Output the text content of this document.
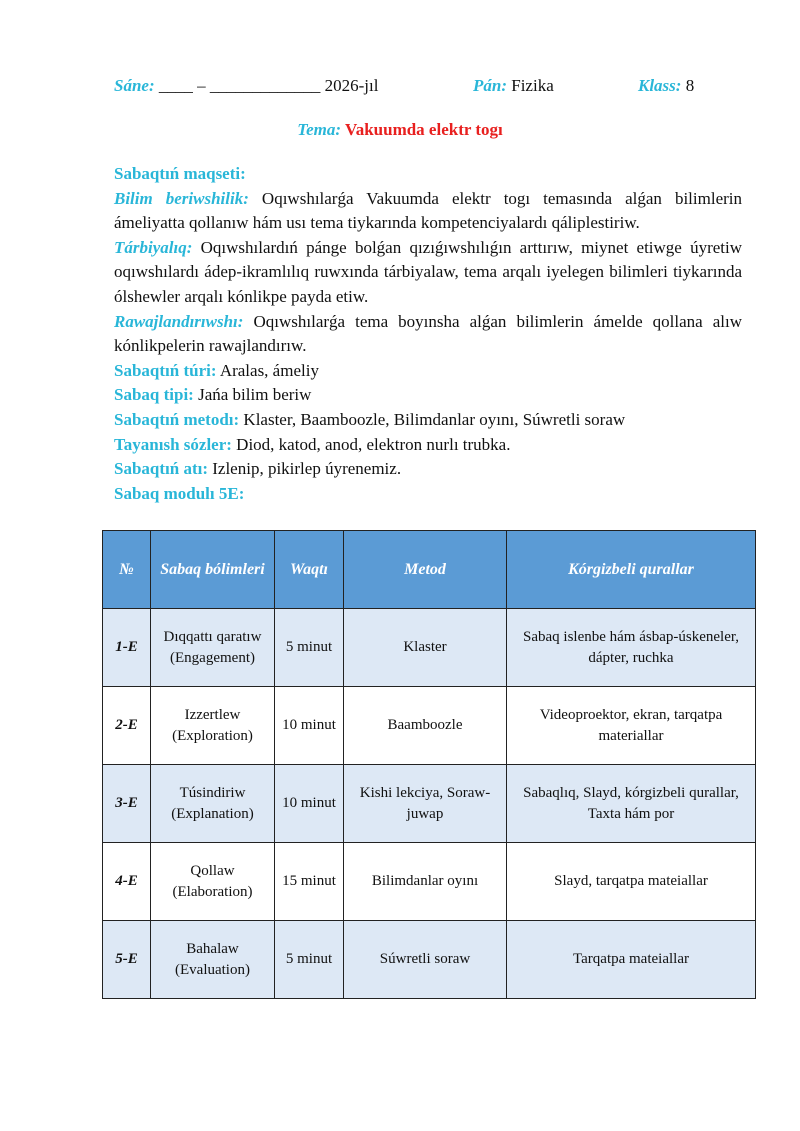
Sáne: ____ – _____________ 2026-jıl	Pán: Fizika	Klass: 8
Tema: Vakuumda elektr togı

Sabaqtıń maqseti:

Bilim beriwshilik: Oqıwshılarǵa Vakuumda elektr togı temasında alǵan bilimlerin ámeliyatta qollanıw hám usı tema tiykarında kompetenciyalardı qáliplestiriw.

Tárbiyalıq: Oqıwshılardıń pánge bolǵan qızıǵıwshılıǵın arttırıw, miynet etiwge úyretiw oqıwshılardı ádep-ikramlılıq ruwxında tárbiyalaw, tema arqalı iyelegen bilimleri tiykarında ólshewler arqalı kónlikpe payda etiw.

Rawajlandırıwshı: Oqıwshılarǵa tema boyınsha alǵan bilimlerin ámelde qollana alıw kónlikpelerin rawajlandırıw.

Sabaqtıń túri: Aralas, ámeliy

Sabaq tipi: Jańa bilim beriw

Sabaqtıń metodı: Klaster, Baamboozle, Bilimdanlar oyını, Súwretli soraw

Tayanısh sózler: Diod, katod, anod, elektron nurlı trubka.

Sabaqtıń atı: Izlenip, pikirlep úyrenemiz.

Sabaq modulı 5E:

№	Sabaq bólimleri	Waqtı	Metod	Kórgizbeli qurallar
1-E	Dıqqattı qaratıw (Engagement)	5 minut	Klaster	Sabaq islenbe hám ásbap-úskeneler, dápter, ruchka
2-E	Izzertlew (Exploration)	10 minut	Baamboozle	Videoproektor, ekran, tarqatpa materiallar
3-E	Túsindiriw (Explanation)	10 minut	Kishi lekciya, Soraw-juwap	Sabaqlıq, Slayd, kórgizbeli qurallar, Taxta hám por
4-E	Qollaw (Elaboration)	15 minut	Bilimdanlar oyını	Slayd, tarqatpa mateiallar
5-E	Bahalaw (Evaluation)	5 minut	Súwretli soraw	Tarqatpa mateiallar
